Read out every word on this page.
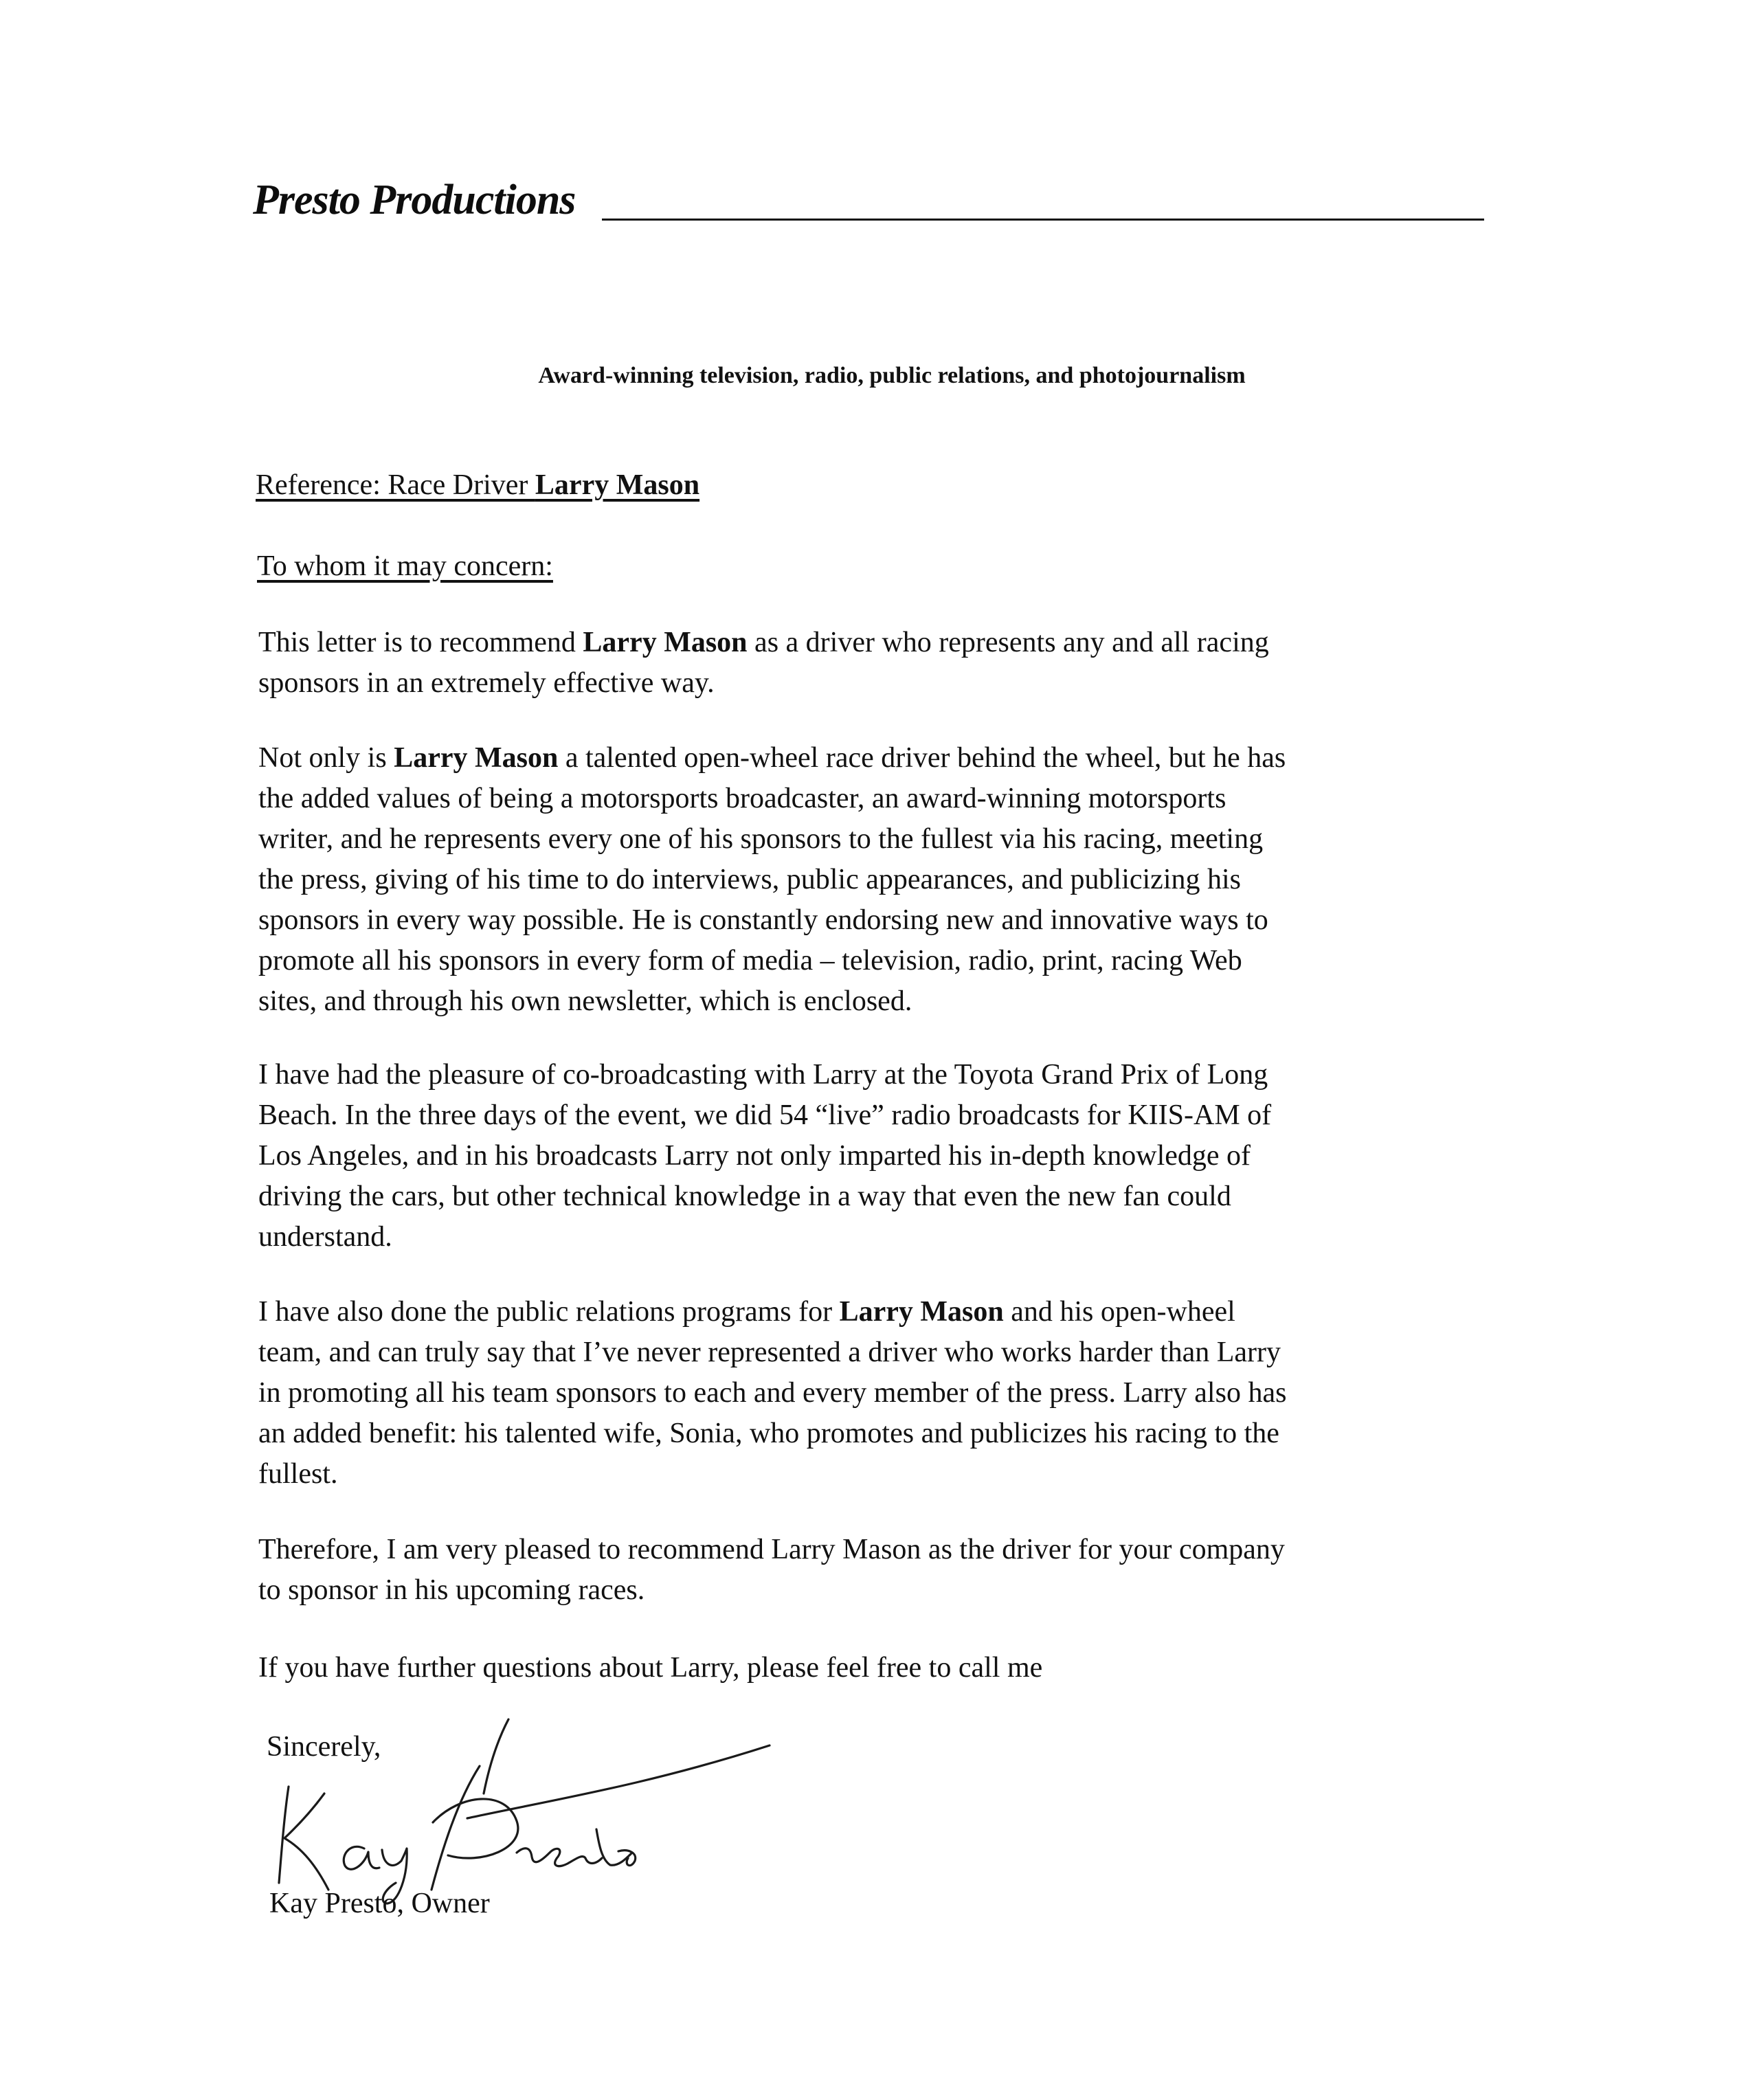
Presto Productions
Award-winning television, radio, public relations, and photojournalism
Reference: Race Driver Larry Mason
To whom it may concern:
This letter is to recommend Larry Mason as a driver who represents any and all racing
sponsors in an extremely effective way.
Not only is Larry Mason a talented open-wheel race driver behind the wheel, but he has
the added values of being a motorsports broadcaster, an award-winning motorsports
writer, and he represents every one of his sponsors to the fullest via his racing, meeting
the press, giving of his time to do interviews, public appearances, and publicizing his
sponsors in every way possible. He is constantly endorsing new and innovative ways to
promote all his sponsors in every form of media – television, radio, print, racing Web
sites, and through his own newsletter, which is enclosed.
I have had the pleasure of co-broadcasting with Larry at the Toyota Grand Prix of Long
Beach. In the three days of the event, we did 54 “live” radio broadcasts for KIIS-AM of
Los Angeles, and in his broadcasts Larry not only imparted his in-depth knowledge of
driving the cars, but other technical knowledge in a way that even the new fan could
understand.
I have also done the public relations programs for Larry Mason and his open-wheel
team, and can truly say that I’ve never represented a driver who works harder than Larry
in promoting all his team sponsors to each and every member of the press. Larry also has
an added benefit: his talented wife, Sonia, who promotes and publicizes his racing to the
fullest.
Therefore, I am very pleased to recommend Larry Mason as the driver for your company
to sponsor in his upcoming races.
If you have further questions about Larry, please feel free to call me
Sincerely,
Kay Presto, Owner
